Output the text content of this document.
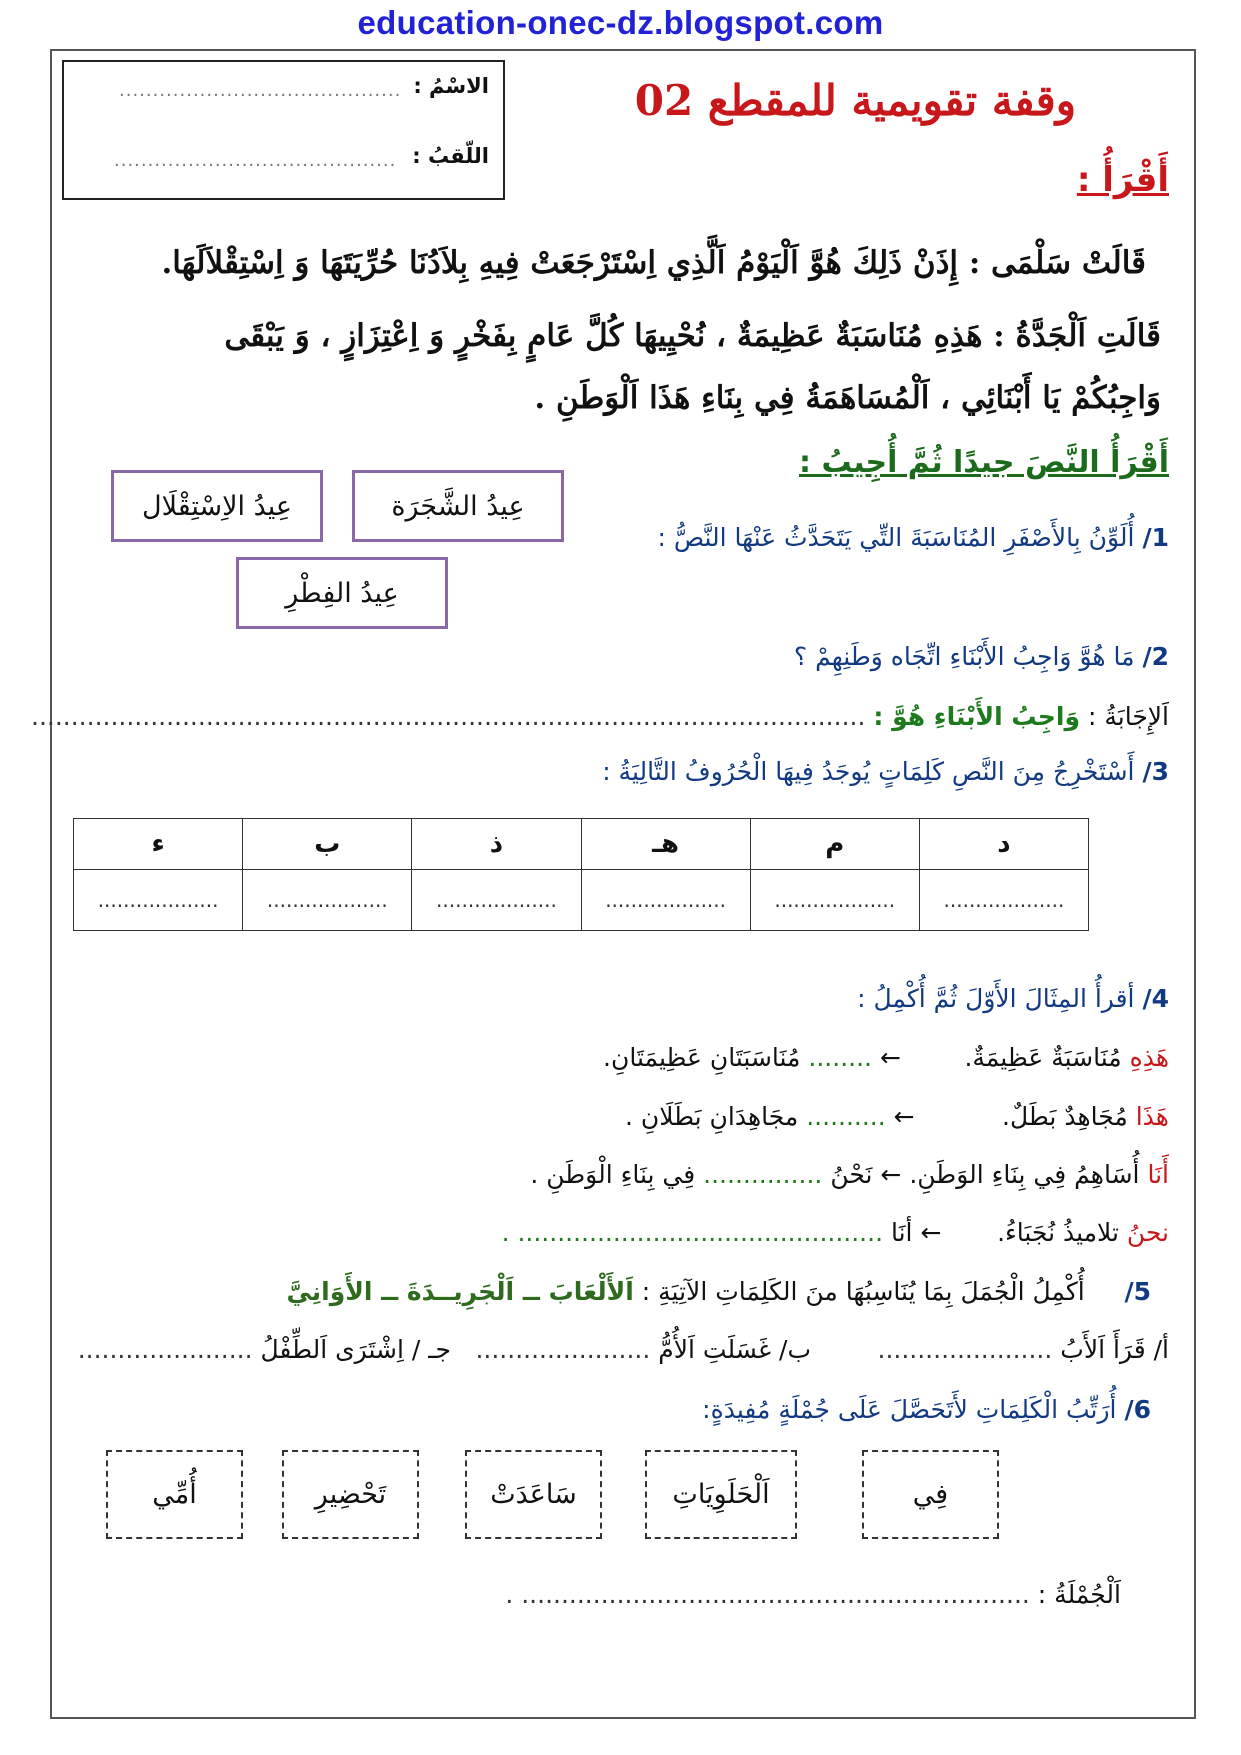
education-onec-dz.blogspot.com
الاسْمُ :
..........................................
اللّقبُ :
..........................................
وقفة تقويمية للمقطع 02
أَقْرَأُ :
قَالَتْ سَلْمَى : إِذَنْ ذَلِكَ هُوَّ اَلْيَوْمُ اَلَّذِي اِسْتَرْجَعَتْ فِيهِ بِلاَدُنَا حُرِّيَتَهَا وَ اِسْتِقْلاَلَهَا.
قَالَتِ اَلْجَدَّةُ : هَذِهِ مُنَاسَبَةٌ عَظِيمَةٌ ، نُحْيِيهَا كُلَّ عَامٍ بِفَخْرٍ وَ اِعْتِزَازٍ ، وَ يَبْقَى
وَاجِبُكُمْ يَا أَبْنَائِي ، اَلْمُسَاهَمَةُ فِي بِنَاءِ هَذَا اَلْوَطَنِ .
أَقْرَأُ النَّصَ جيدًا ثُمَّ أُجِيبُ :
عِيدُ الشَّجَرَة
عِيدُ الاِسْتِقْلَال
عِيدُ الفِطْرِ
1/ أُلَوِّنُ بِالأَصْفَرِ المُنَاسَبَةَ التِّي يَتَحَدَّثُ عَنْهَا النَّصُّ :
2/ مَا هُوَّ وَاجِبُ الأَبْنَاءِ اتِّجَاه وَطَنِهِمْ ؟
اَلإِجَابَةُ : وَاجِبُ الأَبْنَاءِ هُوَّ : .........................................................................................................
3/ أَسْتَخْرِجُ مِنَ النَّصِ كَلِمَاتٍ يُوجَدُ فِيهَا الْحُرُوفُ التَّالِيَةُ :
د	م	هـ	ذ	ب	ء
...................	...................	...................	...................	...................	...................
4/ أقرأُ المِثَالَ الأَوّلَ ثُمَّ أُكْمِلُ :
هَذِهِ مُنَاسَبَةٌ عَظِيمَةٌ.        ← ........ مُنَاسَبَتَانِ عَظِيمَتَانِ.
هَذَا مُجَاهِدٌ بَطَلٌ.           ← .......... مجَاهِدَانِ بَطَلَانِ .
أَنَا أُسَاهِمُ فِي بِنَاءِ الوَطَنِ. ← نَحْنُ ............... فِي بِنَاءِ الْوَطَنِ .
نحنُ تلاميذُ نُجَبَاءُ.       ← أنَا .............................................. .
5/     أُكْمِلُ الْجُمَلَ بِمَا يُنَاسِبُهَا منَ الكَلِمَاتِ الآتِيَةِ : اَلأَلْعَابَ ــ اَلْجَرِيــدَةَ ــ الأَوَانِيَّ
أ/ قَرَأَ اَلأَبُ ......................
ب/ غَسَلَتِ اَلأُمُّ ......................
جـ / اِشْتَرَى اَلطِّفْلُ ......................
6/ أُرَتِّبُ الْكَلِمَاتِ لأَتَحَصَّلَ عَلَى جُمْلَةٍ مُفِيدَةٍ:
فِي
اَلْحَلَوِيَاتِ
سَاعَدَتْ
تَحْضِيرِ
أُمِّي
اَلْجُمْلَةُ : ................................................................ .
